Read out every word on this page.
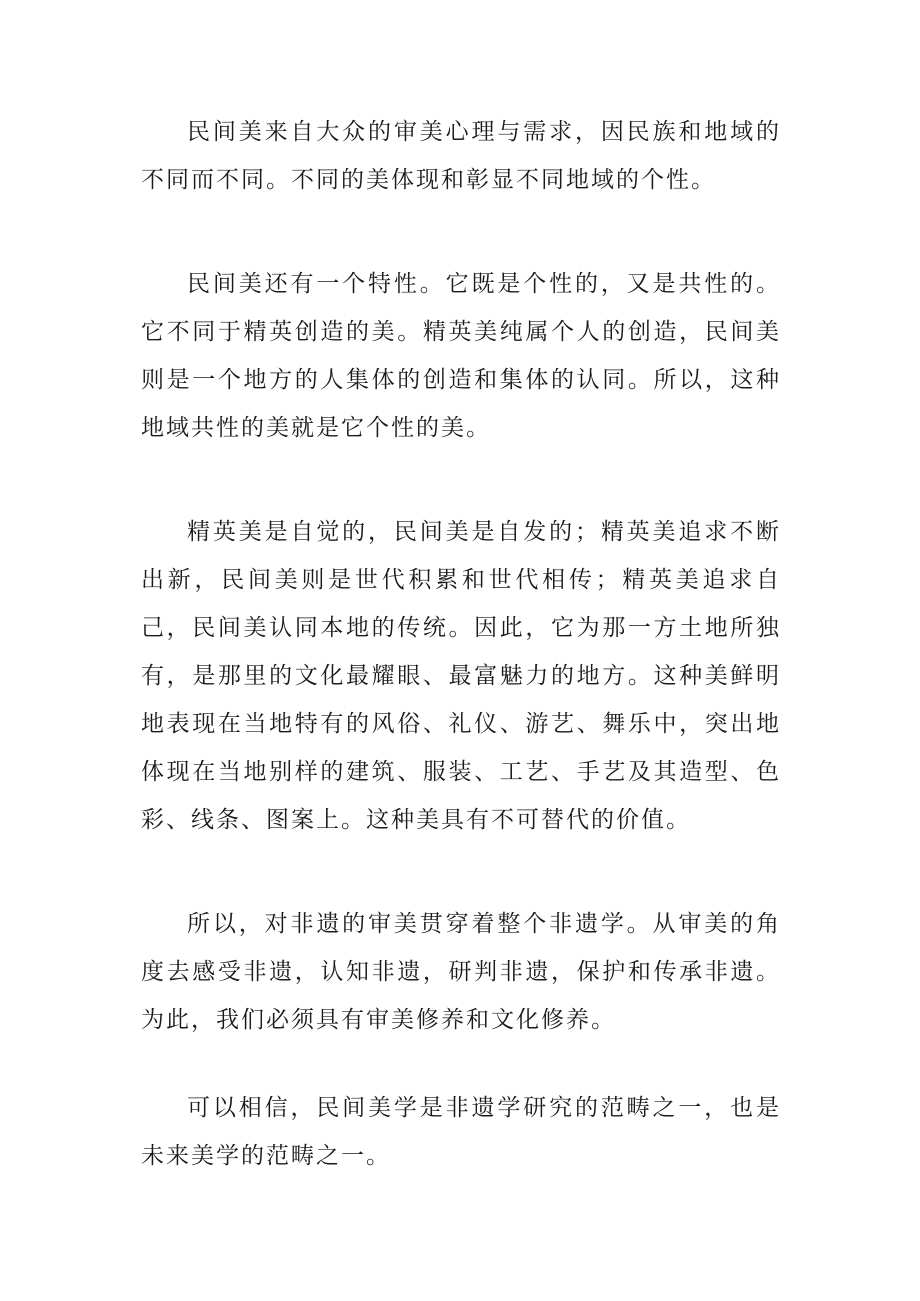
民间美来自大众的审美心理与需求，因民族和地域的不同而不同。不同的美体现和彰显不同地域的个性。

民间美还有一个特性。它既是个性的，又是共性的。它不同于精英创造的美。精英美纯属个人的创造，民间美则是一个地方的人集体的创造和集体的认同。所以，这种地域共性的美就是它个性的美。

精英美是自觉的，民间美是自发的；精英美追求不断出新，民间美则是世代积累和世代相传；精英美追求自己，民间美认同本地的传统。因此，它为那一方土地所独有，是那里的文化最耀眼、最富魅力的地方。这种美鲜明地表现在当地特有的风俗、礼仪、游艺、舞乐中，突出地体现在当地别样的建筑、服装、工艺、手艺及其造型、色彩、线条、图案上。这种美具有不可替代的价值。

所以，对非遗的审美贯穿着整个非遗学。从审美的角度去感受非遗，认知非遗，研判非遗，保护和传承非遗。为此，我们必须具有审美修养和文化修养。

可以相信，民间美学是非遗学研究的范畴之一，也是未来美学的范畴之一。
